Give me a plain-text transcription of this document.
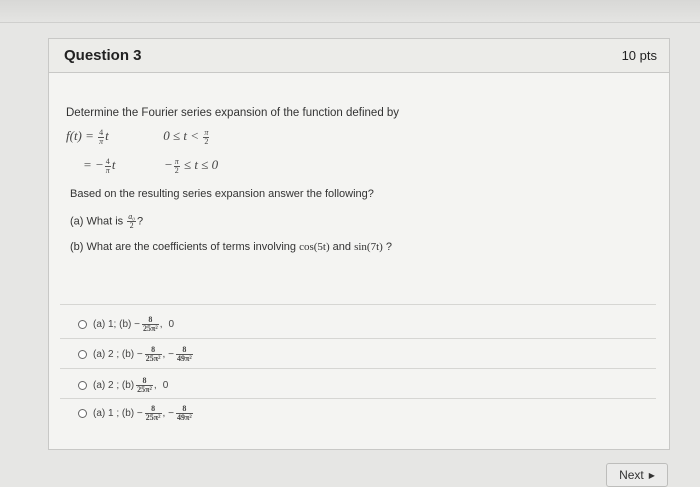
Question 3	10 pts
Determine the Fourier series expansion of the function defined by
$f(t) = \frac{4}{\pi}$ t	$0 \le t < \frac{\pi}{2}$
= − $\frac{4}{\pi}$ t	− $\frac{\pi}{2} \le t \le 0$
Based on the resulting series expansion answer the following?
(a) What is $\frac{\text{a₀}}{2}$ ?
(b) What are the coefficients of terms involving cos(5t) and sin(7t) ?
(a) 1; $(b) - \frac{8}{\text{25π²}}$ , 0
(a) 2 ; $(b) - \frac{8}{\text{25π²}}$ , − $\frac{8}{\text{49π²}}$
(a) 2 ; $(b) \frac{8}{\text{25π²}}$ , 0
(a) 1 ; $(b) - \frac{8}{\text{25π²}}$ , − $\frac{8}{\text{49π²}}$
Next ▶
